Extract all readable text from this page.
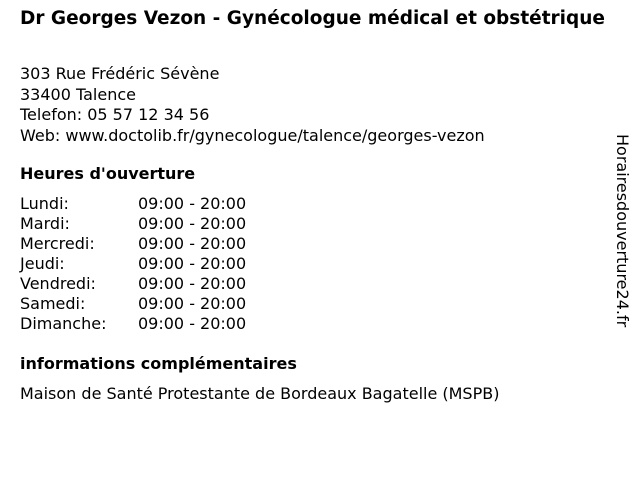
Dr Georges Vezon - Gynécologue médical et obstétrique
303 Rue Frédéric Sévène
33400 Talence
Telefon: 05 57 12 34 56
Web: www.doctolib.fr/gynecologue/talence/georges-vezon
Heures d'ouverture
Lundi:	09:00 - 20:00
Mardi:	09:00 - 20:00
Mercredi:	09:00 - 20:00
Jeudi:	09:00 - 20:00
Vendredi:	09:00 - 20:00
Samedi:	09:00 - 20:00
Dimanche: 09:00 - 20:00
informations complémentaires
Maison de Santé Protestante de Bordeaux Bagatelle (MSPB)
Horairesdouverture24.fr
